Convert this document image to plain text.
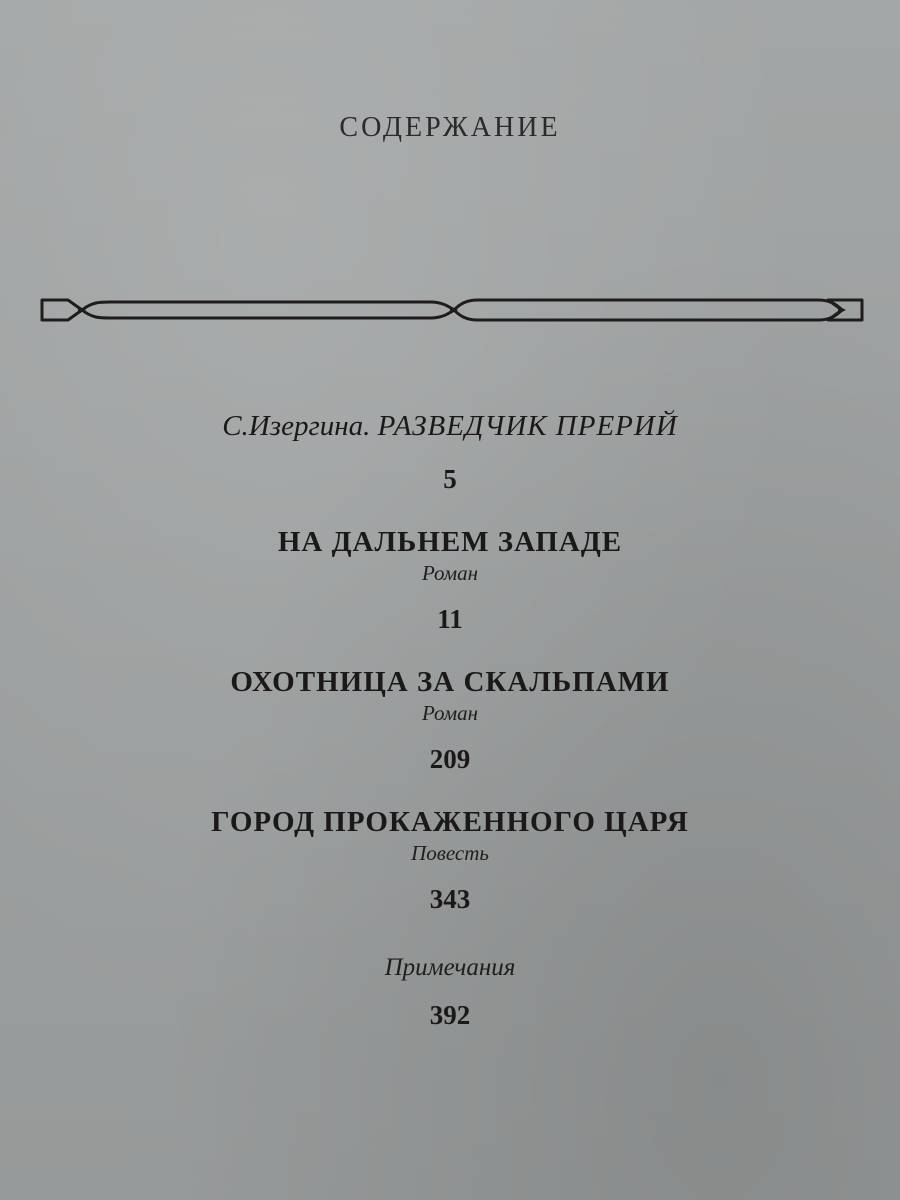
СОДЕРЖАНИЕ
С.Изергина. РАЗВЕДЧИК ПРЕРИЙ
5
НА ДАЛЬНЕМ ЗАПАДЕ
Роман
11
ОХОТНИЦА ЗА СКАЛЬПАМИ
Роман
209
ГОРОД ПРОКАЖЕННОГО ЦАРЯ
Повесть
343
Примечания
392
